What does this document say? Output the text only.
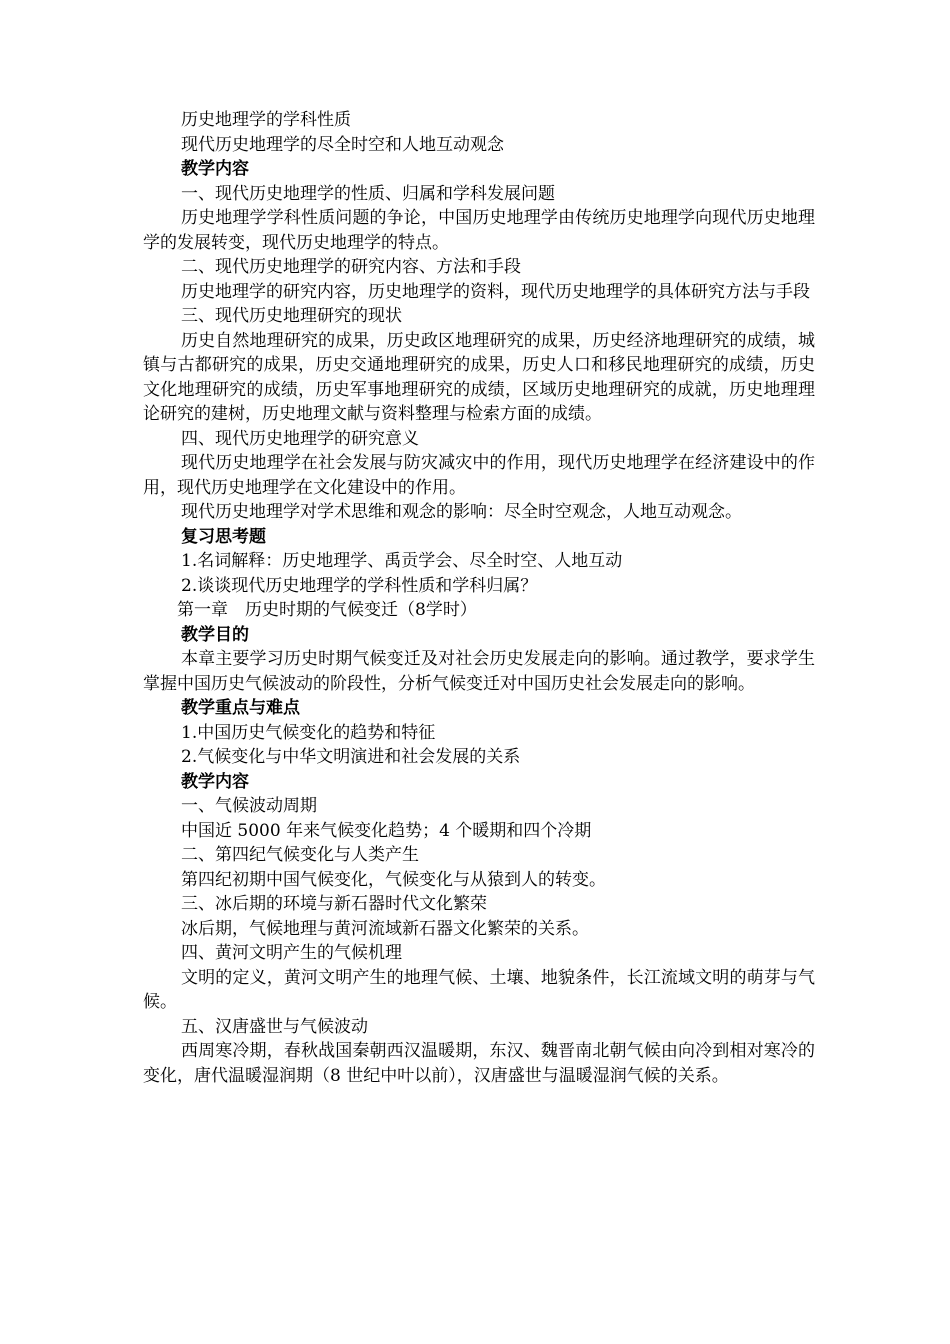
历史地理学的学科性质

现代历史地理学的尽全时空和人地互动观念

教学内容

一、现代历史地理学的性质、归属和学科发展问题

历史地理学学科性质问题的争论，中国历史地理学由传统历史地理学向现代历史地理学的发展转变，现代历史地理学的特点。

二、现代历史地理学的研究内容、方法和手段

历史地理学的研究内容，历史地理学的资料，现代历史地理学的具体研究方法与手段

三、现代历史地理研究的现状

历史自然地理研究的成果，历史政区地理研究的成果，历史经济地理研究的成绩，城镇与古都研究的成果，历史交通地理研究的成果，历史人口和移民地理研究的成绩，历史文化地理研究的成绩，历史军事地理研究的成绩，区域历史地理研究的成就，历史地理理论研究的建树，历史地理文献与资料整理与检索方面的成绩。

四、现代历史地理学的研究意义

现代历史地理学在社会发展与防灾减灾中的作用，现代历史地理学在经济建设中的作用，现代历史地理学在文化建设中的作用。

现代历史地理学对学术思维和观念的影响：尽全时空观念，人地互动观念。

复习思考题

1.名词解释：历史地理学、禹贡学会、尽全时空、人地互动

2.谈谈现代历史地理学的学科性质和学科归属？

第一章　历史时期的气候变迁（8学时）

教学目的

本章主要学习历史时期气候变迁及对社会历史发展走向的影响。通过教学，要求学生掌握中国历史气候波动的阶段性，分析气候变迁对中国历史社会发展走向的影响。

教学重点与难点

1.中国历史气候变化的趋势和特征

2.气候变化与中华文明演进和社会发展的关系

教学内容

一、气候波动周期

中国近 5000 年来气候变化趋势；4 个暖期和四个冷期

二、第四纪气候变化与人类产生

第四纪初期中国气候变化，气候变化与从猿到人的转变。

三、冰后期的环境与新石器时代文化繁荣

冰后期，气候地理与黄河流域新石器文化繁荣的关系。

四、黄河文明产生的气候机理

文明的定义，黄河文明产生的地理气候、土壤、地貌条件，长江流域文明的萌芽与气候。

五、汉唐盛世与气候波动

西周寒冷期，春秋战国秦朝西汉温暖期，东汉、魏晋南北朝气候由向冷到相对寒冷的变化，唐代温暖湿润期（8 世纪中叶以前），汉唐盛世与温暖湿润气候的关系。
